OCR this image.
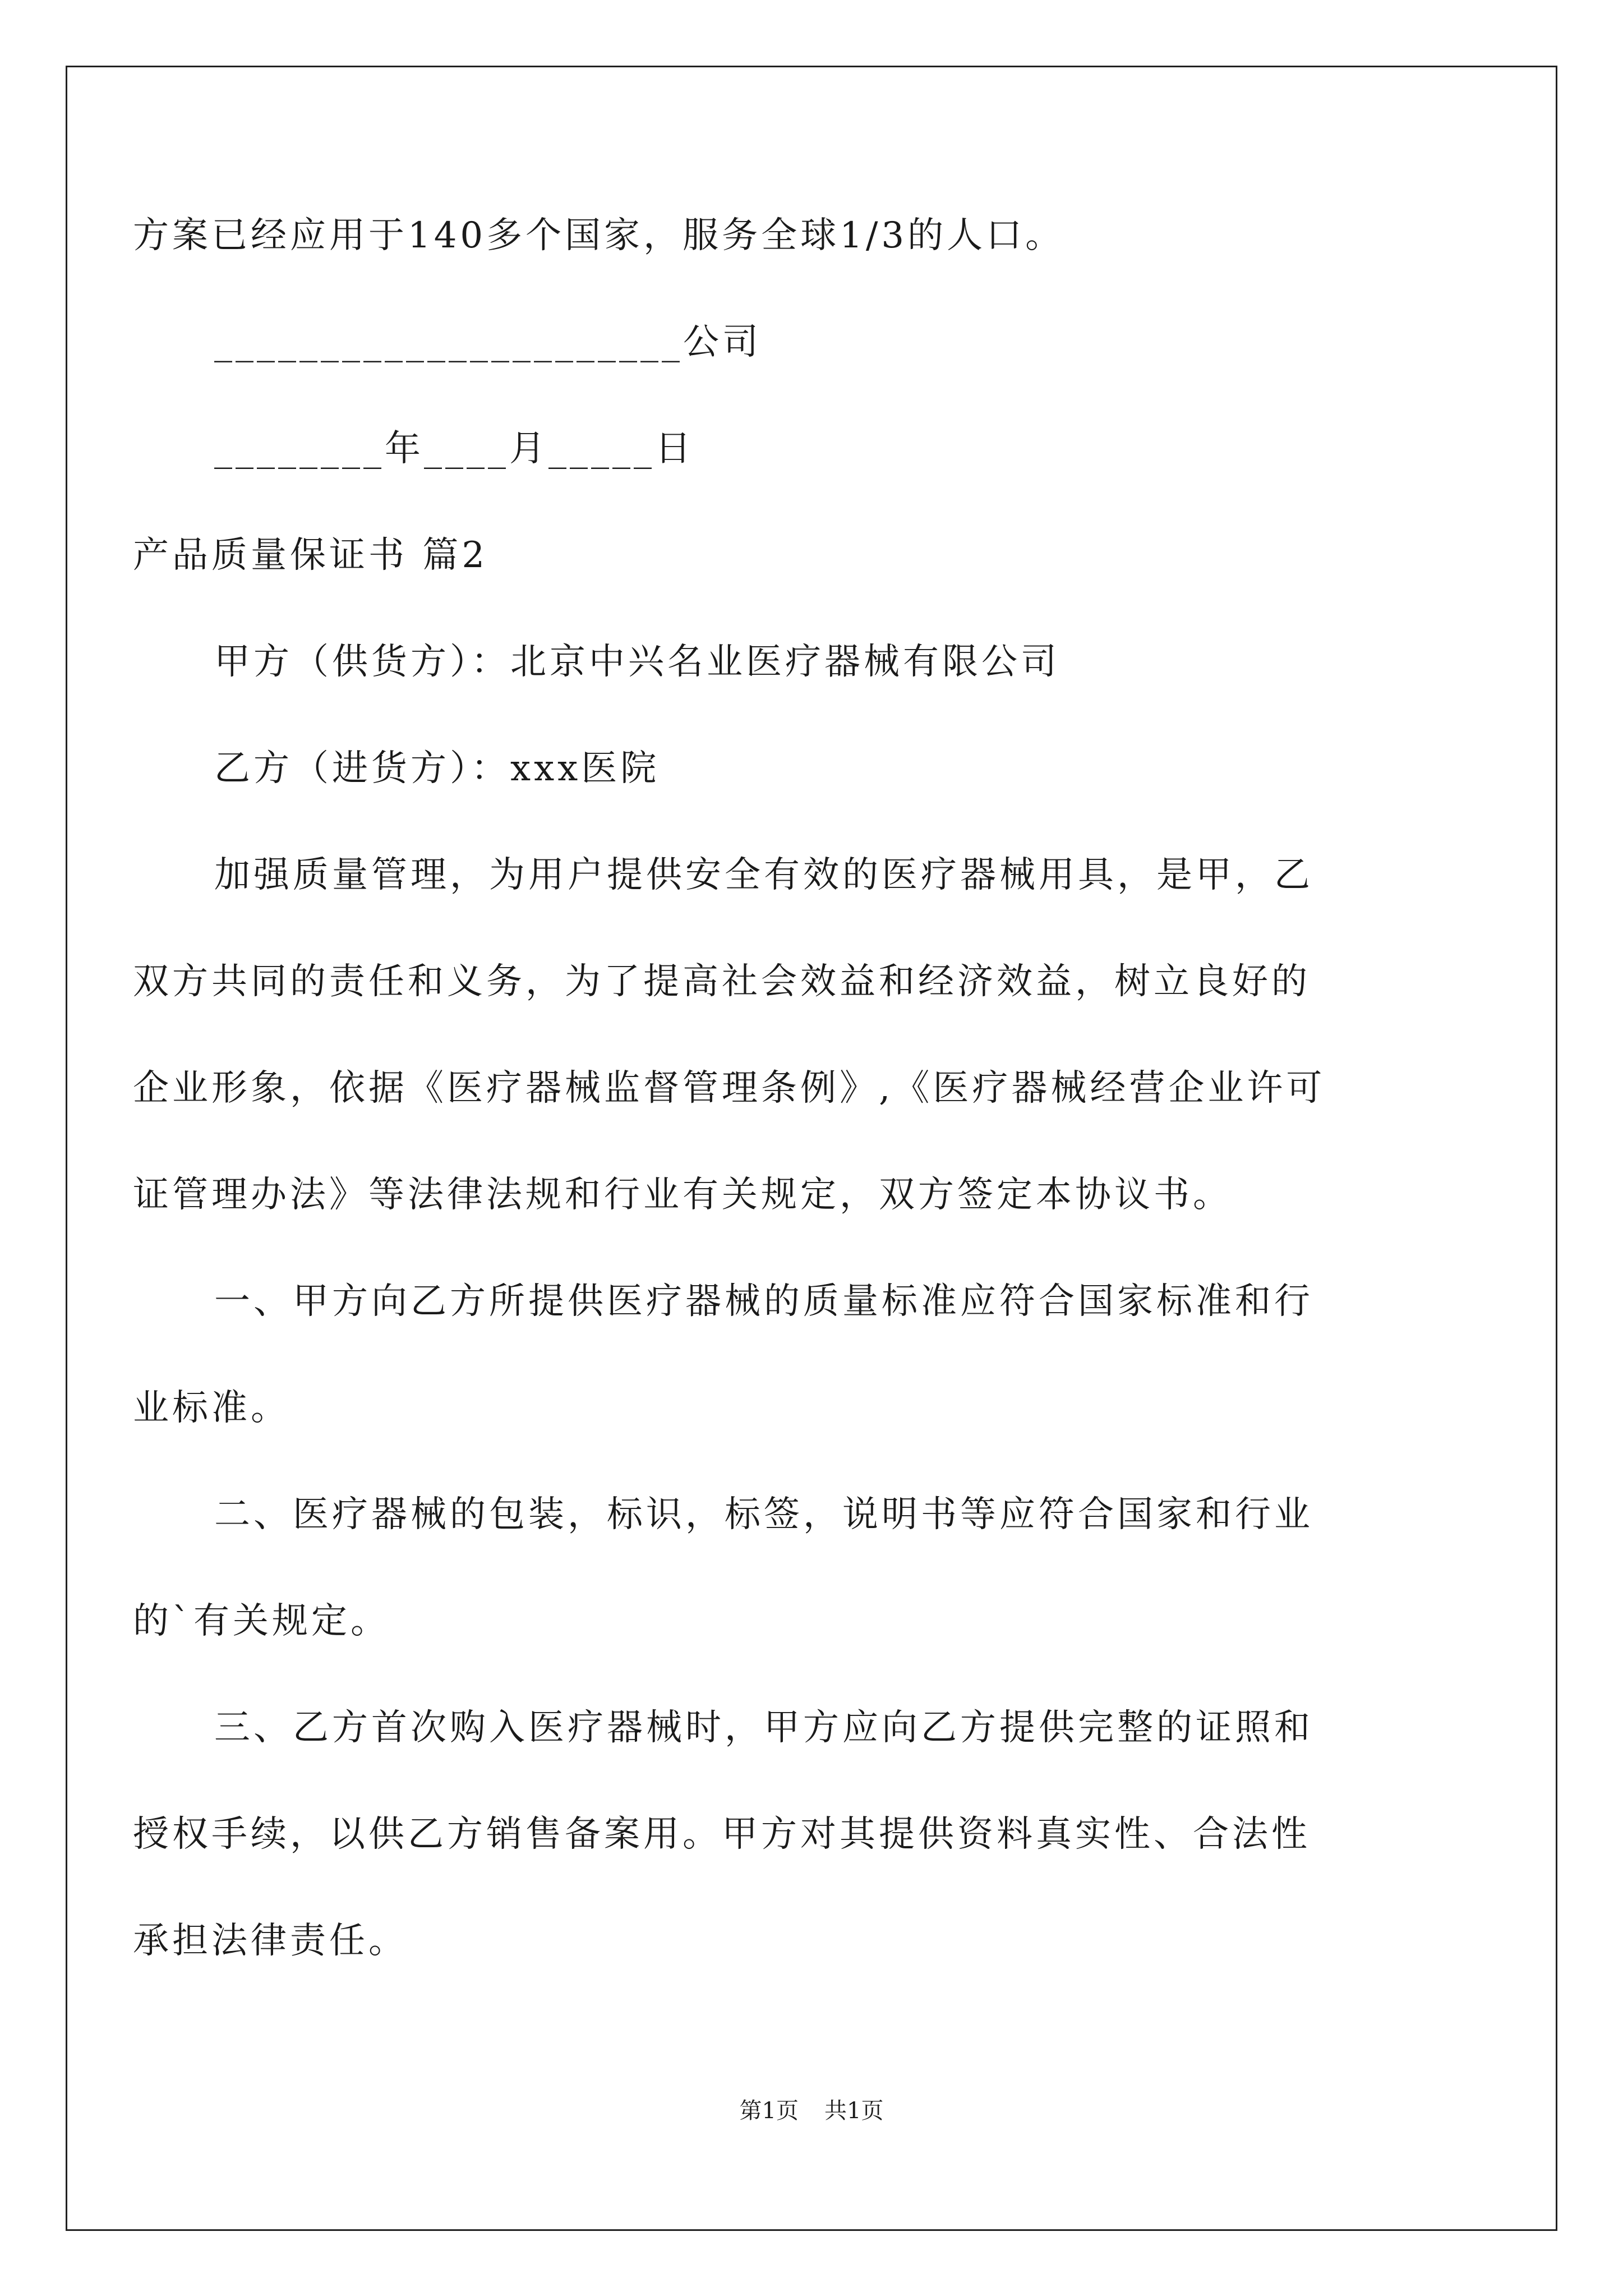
方案已经应用于140多个国家，服务全球1/3的人口。
______________________公司
________年____月_____日
产品质量保证书 篇2
甲方（供货方）：北京中兴名业医疗器械有限公司
乙方（进货方）：xxx医院
加强质量管理，为用户提供安全有效的医疗器械用具，是甲，乙
双方共同的责任和义务，为了提高社会效益和经济效益，树立良好的
企业形象，依据《医疗器械监督管理条例》,《医疗器械经营企业许可
证管理办法》等法律法规和行业有关规定，双方签定本协议书。
一、甲方向乙方所提供医疗器械的质量标准应符合国家标准和行
业标准。
二、医疗器械的包装，标识，标签，说明书等应符合国家和行业
的`有关规定。
三、乙方首次购入医疗器械时，甲方应向乙方提供完整的证照和
授权手续，以供乙方销售备案用。甲方对其提供资料真实性、合法性
承担法律责任。
第1页 共1页
